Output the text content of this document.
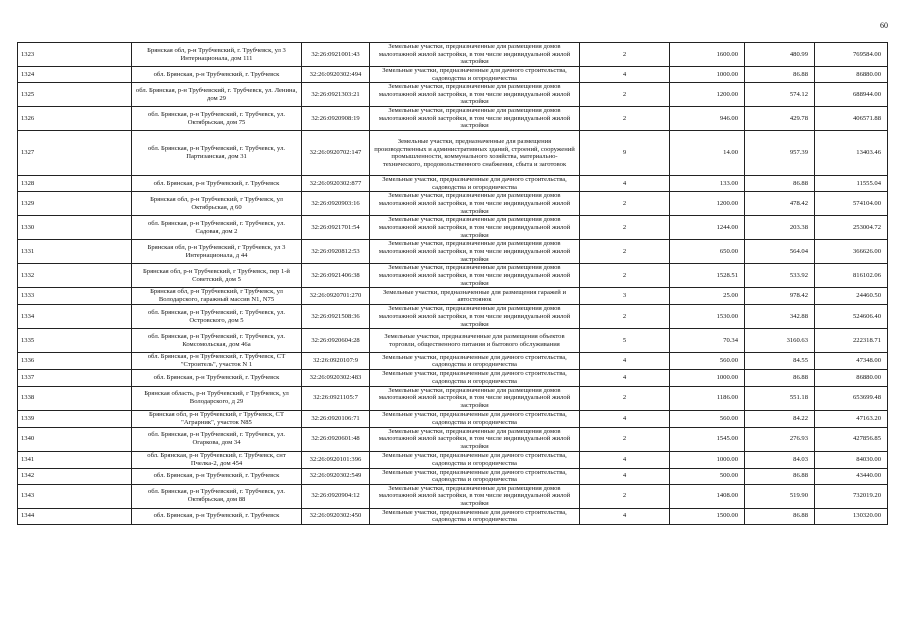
60
1323	Брянская обл, р-н Трубчевский, г. Трубчевск, ул 3 Интернационала, дом 111	32:26:0921001:43	Земельные участки, предназначенные для размещения домов малоэтажной жилой застройки, в том числе индивидуальной жилой застройки	2	1600.00	480.99	769584.00
1324	обл. Брянская, р-н Трубчевский, г. Трубчевск	32:26:0920302:494	Земельные участки, предназначенные для дачного строительства, садоводства и огородничества	4	1000.00	86.88	86880.00
1325	обл. Брянская, р-н Трубчевский, г. Трубчевск, ул. Ленина, дом 29	32:26:0921303:21	Земельные участки, предназначенные для размещения домов малоэтажной жилой застройки, в том числе индивидуальной жилой застройки	2	1200.00	574.12	688944.00
1326	обл. Брянская, р-н Трубчевский, г. Трубчевск, ул. Октябрьская, дом 75	32:26:0920908:19	Земельные участки, предназначенные для размещения домов малоэтажной жилой застройки, в том числе индивидуальной жилой застройки	2	946.00	429.78	406571.88
1327	обл. Брянская, р-н Трубчевский, г. Трубчевск, ул. Партизанская, дом 31	32:26:0920702:147	Земельные участки, предназначенные для размещения производственных и административных зданий, строений, сооружений промышленности, коммунального хозяйства, материально-технического, продовольственного снабжения, сбыта и заготовок	9	14.00	957.39	13403.46
1328	обл. Брянская, р-н Трубчевский, г. Трубчевск	32:26:0920302:877	Земельные участки, предназначенные для дачного строительства, садоводства и огородничества	4	133.00	86.88	11555.04
1329	Брянская обл, р-н Трубчевский, г Трубчевск, ул Октябрьская, д 60	32:26:0920903:16	Земельные участки, предназначенные для размещения домов малоэтажной жилой застройки, в том числе индивидуальной жилой застройки	2	1200.00	478.42	574104.00
1330	обл. Брянская, р-н Трубчевский, г. Трубчевск, ул. Садовая, дом 2	32:26:0921701:54	Земельные участки, предназначенные для размещения домов малоэтажной жилой застройки, в том числе индивидуальной жилой застройки	2	1244.00	203.38	253004.72
1331	Брянская обл, р-н Трубчевский, г Трубчевск, ул 3 Интернационала, д 44	32:26:0920812:53	Земельные участки, предназначенные для размещения домов малоэтажной жилой застройки, в том числе индивидуальной жилой застройки	2	650.00	564.04	366626.00
1332	Брянская обл, р-н Трубчевский, г Трубчевск, пер 1-й Советский, дом 5	32:26:0921406:38	Земельные участки, предназначенные для размещения домов малоэтажной жилой застройки, в том числе индивидуальной жилой застройки	2	1528.51	533.92	816102.06
1333	Брянская обл, р-н Трубчевский, г Трубчевск, ул Володарского, гаражный массив N1, N75	32:26:0920701:270	Земельные участки, предназначенные для размещения гаражей и автостоянок	3	25.00	978.42	24460.50
1334	обл. Брянская, р-н Трубчевский, г. Трубчевск, ул. Островского, дом 5	32:26:0921508:36	Земельные участки, предназначенные для размещения домов малоэтажной жилой застройки, в том числе индивидуальной жилой застройки	2	1530.00	342.88	524606.40
1335	обл. Брянская, р-н Трубчевский, г. Трубчевск, ул. Комсомольская, дом 46а	32:26:0920604:28	Земельные участки, предназначенные для размещения объектов торговли, общественного питания и бытового обслуживания	5	70.34	3160.63	222318.71
1336	обл. Брянская, р-н Трубчевский, г. Трубчевск, СТ "Строитель", участок N 1	32:26:0920107:9	Земельные участки, предназначенные для дачного строительства, садоводства и огородничества	4	560.00	84.55	47348.00
1337	обл. Брянская, р-н Трубчевский, г. Трубчевск	32:26:0920302:483	Земельные участки, предназначенные для дачного строительства, садоводства и огородничества	4	1000.00	86.88	86880.00
1338	Брянская область, р-н Трубчевский, г Трубчевск, ул Володарского, д 29	32:26:0921105:7	Земельные участки, предназначенные для размещения домов малоэтажной жилой застройки, в том числе индивидуальной жилой застройки	2	1186.00	551.18	653699.48
1339	Брянская обл, р-н Трубчевский, г Трубчевск, СТ "Аграрник", участок N85	32:26:0920106:71	Земельные участки, предназначенные для дачного строительства, садоводства и огородничества	4	560.00	84.22	47163.20
1340	обл. Брянская, р-н Трубчевский, г. Трубчевск, ул. Огаркова, дом 34	32:26:0920601:48	Земельные участки, предназначенные для размещения домов малоэтажной жилой застройки, в том числе индивидуальной жилой застройки	2	1545.00	276.93	427856.85
1341	обл. Брянская, р-н Трубчевский, г. Трубчевск, снт Пчелка-2, дом 454	32:26:0920101:396	Земельные участки, предназначенные для дачного строительства, садоводства и огородничества	4	1000.00	84.03	84030.00
1342	обл. Брянская, р-н Трубчевский, г. Трубчевск	32:26:0920302:549	Земельные участки, предназначенные для дачного строительства, садоводства и огородничества	4	500.00	86.88	43440.00
1343	обл. Брянская, р-н Трубчевский, г. Трубчевск, ул. Октябрьская, дом 88	32:26:0920904:12	Земельные участки, предназначенные для размещения домов малоэтажной жилой застройки, в том числе индивидуальной жилой застройки	2	1408.00	519.90	732019.20
1344	обл. Брянская, р-н Трубчевский, г. Трубчевск	32:26:0920302:450	Земельные участки, предназначенные для дачного строительства, садоводства и огородничества	4	1500.00	86.88	130320.00
